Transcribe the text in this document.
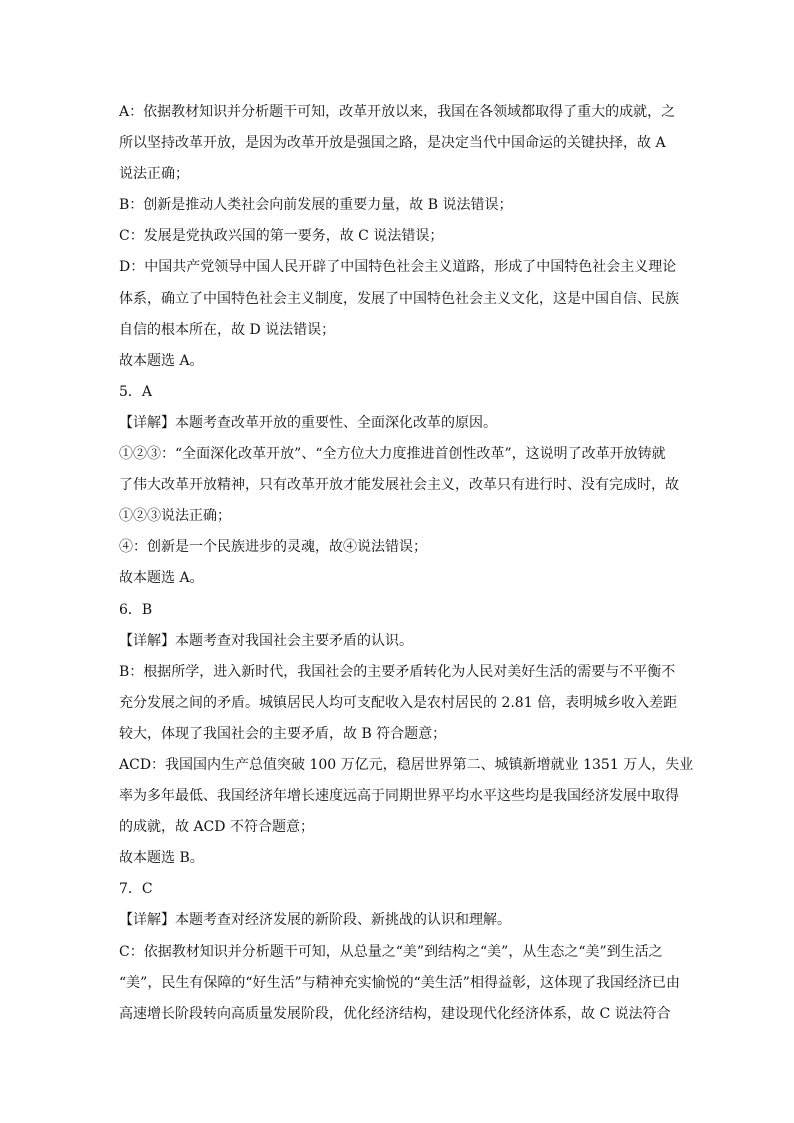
A：依据教材知识并分析题干可知，改革开放以来，我国在各领域都取得了重大的成就，之
所以坚持改革开放，是因为改革开放是强国之路，是决定当代中国命运的关键抉择，故 A
说法正确；
B：创新是推动人类社会向前发展的重要力量，故 B 说法错误；
C：发展是党执政兴国的第一要务，故 C 说法错误；
D：中国共产党领导中国人民开辟了中国特色社会主义道路，形成了中国特色社会主义理论
体系，确立了中国特色社会主义制度，发展了中国特色社会主义文化，这是中国自信、民族
自信的根本所在，故 D 说法错误；
故本题选 A。
5．A
【详解】本题考查改革开放的重要性、全面深化改革的原因。
①②③：“全面深化改革开放”、“全方位大力度推进首创性改革”，这说明了改革开放铸就
了伟大改革开放精神，只有改革开放才能发展社会主义，改革只有进行时、没有完成时，故
①②③说法正确；
④：创新是一个民族进步的灵魂，故④说法错误；
故本题选 A。
6．B
【详解】本题考查对我国社会主要矛盾的认识。
B：根据所学，进入新时代，我国社会的主要矛盾转化为人民对美好生活的需要与不平衡不
充分发展之间的矛盾。城镇居民人均可支配收入是农村居民的 2.81 倍，表明城乡收入差距
较大，体现了我国社会的主要矛盾，故 B 符合题意；
ACD：我国国内生产总值突破 100 万亿元，稳居世界第二、城镇新增就业 1351 万人，失业
率为多年最低、我国经济年增长速度远高于同期世界平均水平这些均是我国经济发展中取得
的成就，故 ACD 不符合题意；
故本题选 B。
7．C
【详解】本题考查对经济发展的新阶段、新挑战的认识和理解。
C：依据教材知识并分析题干可知，从总量之“美”到结构之“美”，从生态之“美”到生活之
“美”，民生有保障的“好生活”与精神充实愉悦的“美生活”相得益彰，这体现了我国经济已由
高速增长阶段转向高质量发展阶段，优化经济结构，建设现代化经济体系，故 C 说法符合
